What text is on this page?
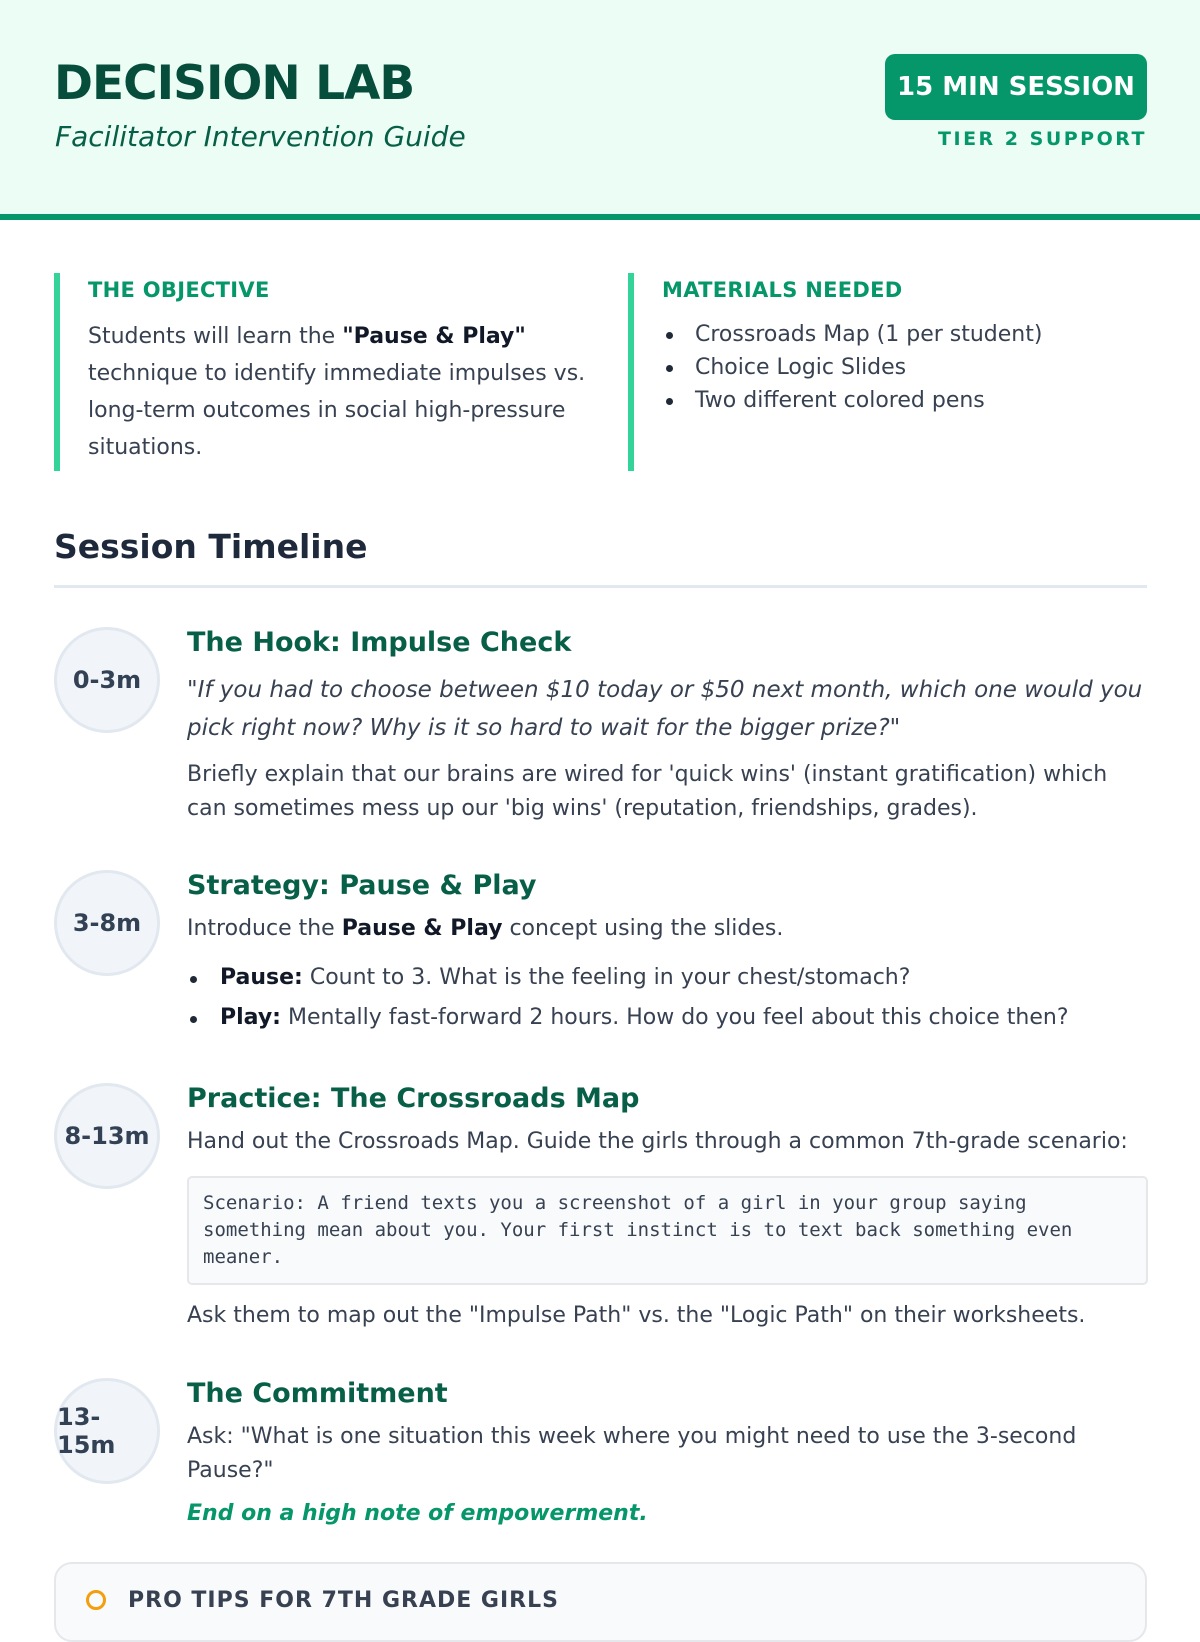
DECISION LAB
Facilitator Intervention Guide
15 MIN SESSION
TIER 2 SUPPORT
THE OBJECTIVE

Students will learn the "Pause & Play" technique to identify immediate impulses vs. long-term outcomes in social high-pressure situations.

MATERIALS NEEDED
Crossroads Map (1 per student)
Choice Logic Slides
Two different colored pens
Session Timeline
0-3m
The Hook: Impulse Check

"If you had to choose between $10 today or $50 next month, which one would you pick right now? Why is it so hard to wait for the bigger prize?"

Briefly explain that our brains are wired for 'quick wins' (instant gratification) which can sometimes mess up our 'big wins' (reputation, friendships, grades).

3-8m
Strategy: Pause & Play

Introduce the Pause & Play concept using the slides.

Pause: Count to 3. What is the feeling in your chest/stomach?
Play: Mentally fast-forward 2 hours. How do you feel about this choice then?
8-13m
Practice: The Crossroads Map

Hand out the Crossroads Map. Guide the girls through a common 7th-grade scenario:

Scenario: A friend texts you a screenshot of a girl in your group saying something mean about you. Your first instinct is to text back something even meaner.

Ask them to map out the "Impulse Path" vs. the "Logic Path" on their worksheets.

13-15m
The Commitment

Ask: "What is one situation this week where you might need to use the 3-second Pause?"

End on a high note of empowerment.

PRO TIPS FOR 7TH GRADE GIRLS
